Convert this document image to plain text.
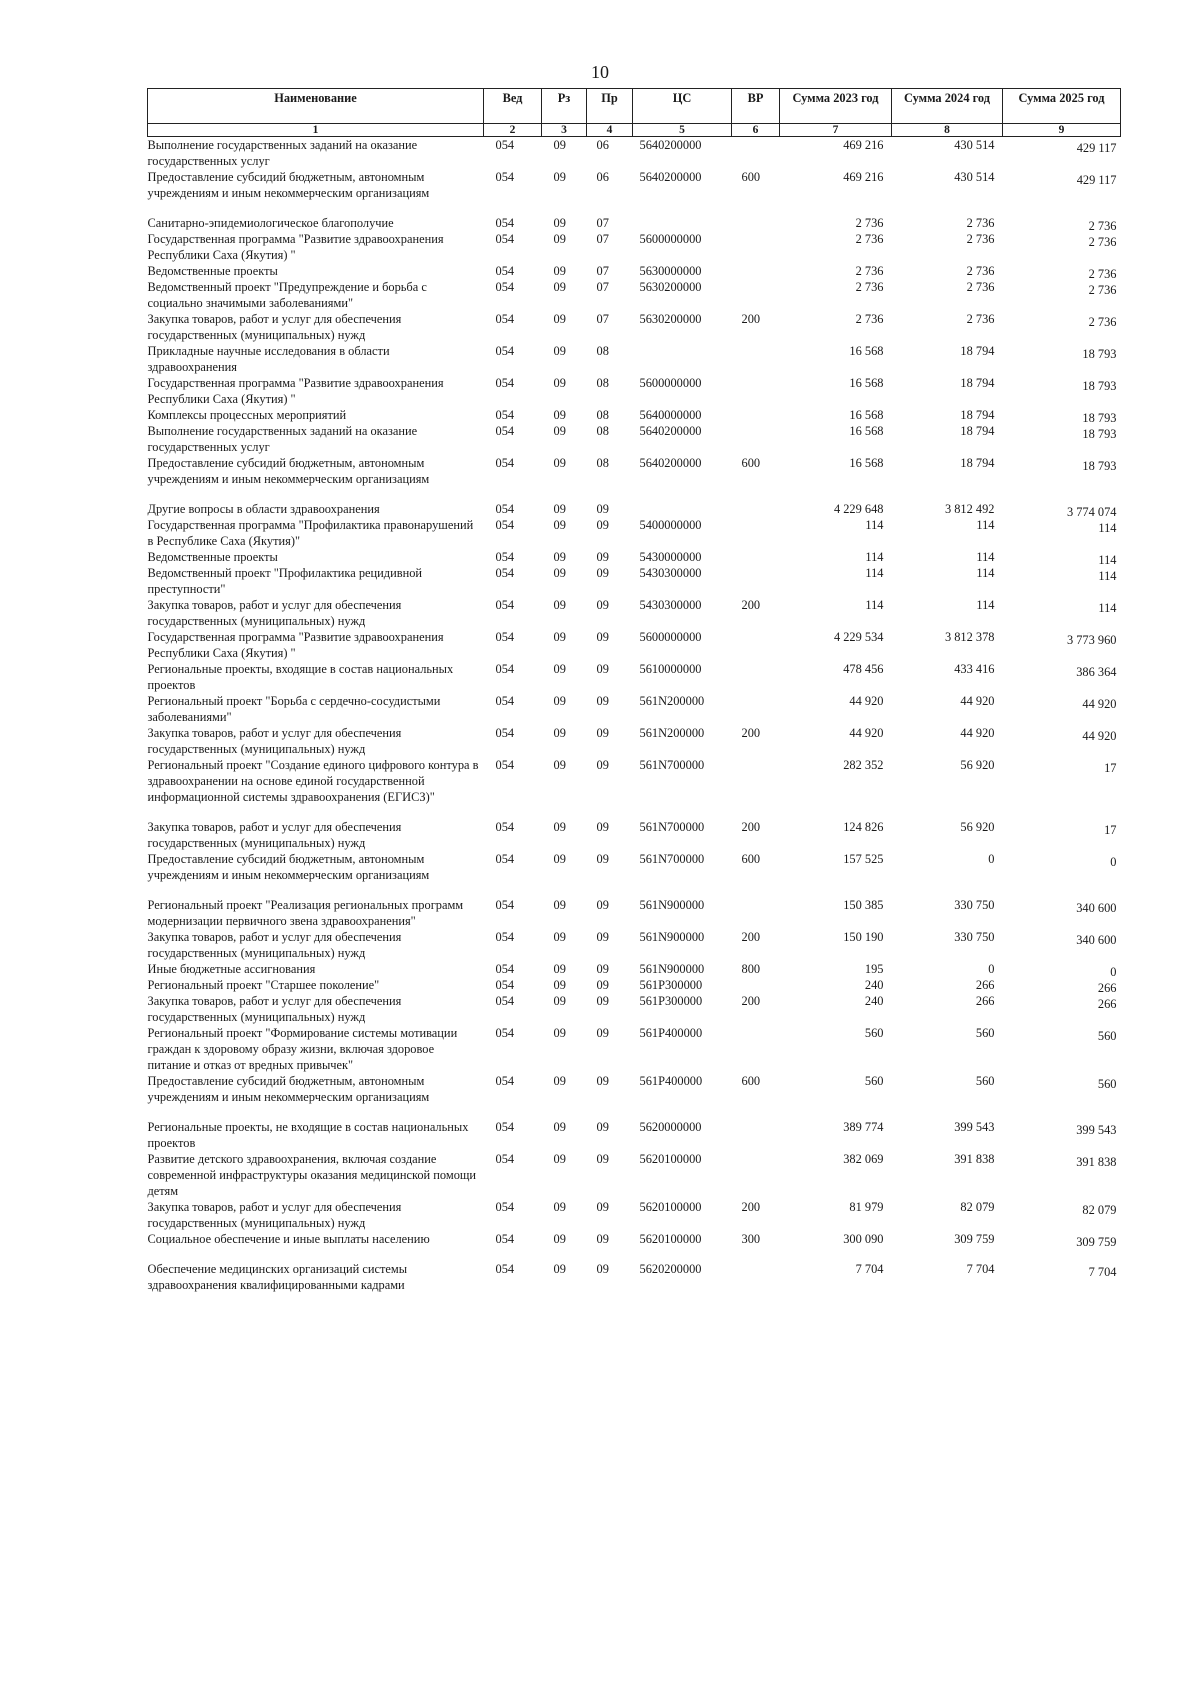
10
Наименование	Вед	Рз	Пр	ЦС	ВР	Сумма 2023 год	Сумма 2024 год	Сумма 2025 год
1	2	3	4	5	6	7	8	9
Выполнение государственных заданий на оказание государственных услуг	054	09	06	5640200000		469 216	430 514	429 117
Предоставление субсидий бюджетным, автономным учреждениям и иным некоммерческим организациям	054	09	06	5640200000	600	469 216	430 514	429 117

Санитарно-эпидемиологическое благополучие	054	09	07			2 736	2 736	2 736
Государственная программа "Развитие здравоохранения Республики Саха (Якутия) "	054	09	07	5600000000		2 736	2 736	2 736
Ведомственные проекты	054	09	07	5630000000		2 736	2 736	2 736
Ведомственный проект "Предупреждение и борьба с социально значимыми заболеваниями"	054	09	07	5630200000		2 736	2 736	2 736
Закупка товаров, работ и услуг для обеспечения государственных (муниципальных) нужд	054	09	07	5630200000	200	2 736	2 736	2 736
Прикладные научные исследования в области здравоохранения	054	09	08			16 568	18 794	18 793
Государственная программа "Развитие здравоохранения Республики Саха (Якутия) "	054	09	08	5600000000		16 568	18 794	18 793
Комплексы процессных мероприятий	054	09	08	5640000000		16 568	18 794	18 793
Выполнение государственных заданий на оказание государственных услуг	054	09	08	5640200000		16 568	18 794	18 793
Предоставление субсидий бюджетным, автономным учреждениям и иным некоммерческим организациям	054	09	08	5640200000	600	16 568	18 794	18 793

Другие вопросы в области здравоохранения	054	09	09			4 229 648	3 812 492	3 774 074
Государственная программа "Профилактика правонарушений в Республике Саха (Якутия)"	054	09	09	5400000000		114	114	114
Ведомственные проекты	054	09	09	5430000000		114	114	114
Ведомственный проект "Профилактика рецидивной преступности"	054	09	09	5430300000		114	114	114
Закупка товаров, работ и услуг для обеспечения государственных (муниципальных) нужд	054	09	09	5430300000	200	114	114	114
Государственная программа "Развитие здравоохранения Республики Саха (Якутия) "	054	09	09	5600000000		4 229 534	3 812 378	3 773 960
Региональные проекты, входящие в состав национальных проектов	054	09	09	5610000000		478 456	433 416	386 364
Региональный проект "Борьба с сердечно-сосудистыми заболеваниями"	054	09	09	561N200000		44 920	44 920	44 920
Закупка товаров, работ и услуг для обеспечения государственных (муниципальных) нужд	054	09	09	561N200000	200	44 920	44 920	44 920
Региональный проект "Создание единого цифрового контура в здравоохранении на основе единой государственной информационной системы здравоохранения (ЕГИСЗ)"	054	09	09	561N700000		282 352	56 920	17

Закупка товаров, работ и услуг для обеспечения государственных (муниципальных) нужд	054	09	09	561N700000	200	124 826	56 920	17
Предоставление субсидий бюджетным, автономным учреждениям и иным некоммерческим организациям	054	09	09	561N700000	600	157 525	0	0

Региональный проект "Реализация региональных программ модернизации первичного звена здравоохранения"	054	09	09	561N900000		150 385	330 750	340 600
Закупка товаров, работ и услуг для обеспечения государственных (муниципальных) нужд	054	09	09	561N900000	200	150 190	330 750	340 600
Иные бюджетные ассигнования	054	09	09	561N900000	800	195	0	0
Региональный проект "Старшее поколение"	054	09	09	561P300000		240	266	266
Закупка товаров, работ и услуг для обеспечения государственных (муниципальных) нужд	054	09	09	561P300000	200	240	266	266
Региональный проект "Формирование системы мотивации граждан к здоровому образу жизни, включая здоровое питание и отказ от вредных привычек"	054	09	09	561P400000		560	560	560
Предоставление субсидий бюджетным, автономным учреждениям и иным некоммерческим организациям	054	09	09	561P400000	600	560	560	560

Региональные проекты, не входящие в состав национальных проектов	054	09	09	5620000000		389 774	399 543	399 543
Развитие детского здравоохранения, включая создание современной инфраструктуры оказания медицинской помощи детям	054	09	09	5620100000		382 069	391 838	391 838
Закупка товаров, работ и услуг для обеспечения государственных (муниципальных) нужд	054	09	09	5620100000	200	81 979	82 079	82 079
Социальное обеспечение и иные выплаты населению	054	09	09	5620100000	300	300 090	309 759	309 759

Обеспечение медицинских организаций системы здравоохранения квалифицированными кадрами	054	09	09	5620200000		7 704	7 704	7 704
